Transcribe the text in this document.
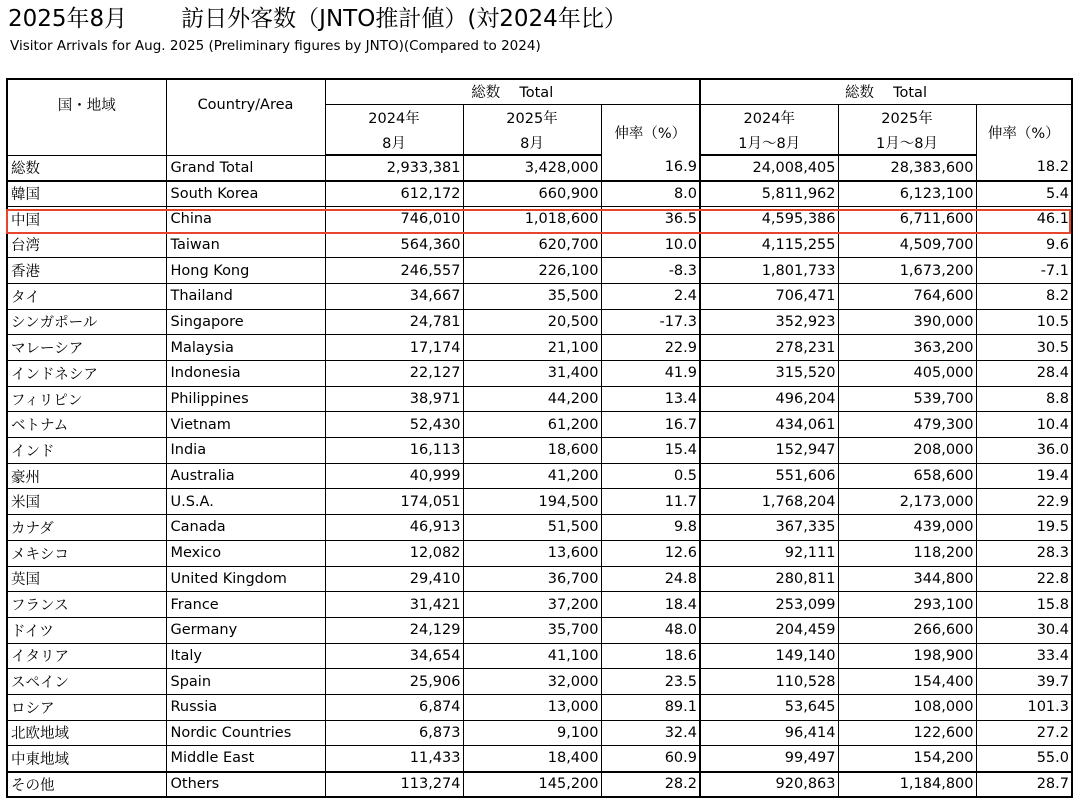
2025年8月 訪日外客数（JNTO推計値）(対2024年比）
Visitor Arrivals for Aug. 2025 (Preliminary figures by JNTO)(Compared to 2024)
国・地域	Country/Area	総数　 Total			総数　 Total		
		2024年	2025年	伸率（%）	2024年	2025年	伸率（%）
		8月	8月		1月～8月	1月～8月	
総数	Grand Total	2,933,381	3,428,000	16.9	24,008,405	28,383,600	18.2
韓国	South Korea	612,172	660,900	8.0	5,811,962	6,123,100	5.4
中国	China	746,010	1,018,600	36.5	4,595,386	6,711,600	46.1
台湾	Taiwan	564,360	620,700	10.0	4,115,255	4,509,700	9.6
香港	Hong Kong	246,557	226,100	-8.3	1,801,733	1,673,200	-7.1
タイ	Thailand	34,667	35,500	2.4	706,471	764,600	8.2
シンガポール	Singapore	24,781	20,500	-17.3	352,923	390,000	10.5
マレーシア	Malaysia	17,174	21,100	22.9	278,231	363,200	30.5
インドネシア	Indonesia	22,127	31,400	41.9	315,520	405,000	28.4
フィリピン	Philippines	38,971	44,200	13.4	496,204	539,700	8.8
ベトナム	Vietnam	52,430	61,200	16.7	434,061	479,300	10.4
インド	India	16,113	18,600	15.4	152,947	208,000	36.0
豪州	Australia	40,999	41,200	0.5	551,606	658,600	19.4
米国	U.S.A.	174,051	194,500	11.7	1,768,204	2,173,000	22.9
カナダ	Canada	46,913	51,500	9.8	367,335	439,000	19.5
メキシコ	Mexico	12,082	13,600	12.6	92,111	118,200	28.3
英国	United Kingdom	29,410	36,700	24.8	280,811	344,800	22.8
フランス	France	31,421	37,200	18.4	253,099	293,100	15.8
ドイツ	Germany	24,129	35,700	48.0	204,459	266,600	30.4
イタリア	Italy	34,654	41,100	18.6	149,140	198,900	33.4
スペイン	Spain	25,906	32,000	23.5	110,528	154,400	39.7
ロシア	Russia	6,874	13,000	89.1	53,645	108,000	101.3
北欧地域	Nordic Countries	6,873	9,100	32.4	96,414	122,600	27.2
中東地域	Middle East	11,433	18,400	60.9	99,497	154,200	55.0
その他	Others	113,274	145,200	28.2	920,863	1,184,800	28.7
